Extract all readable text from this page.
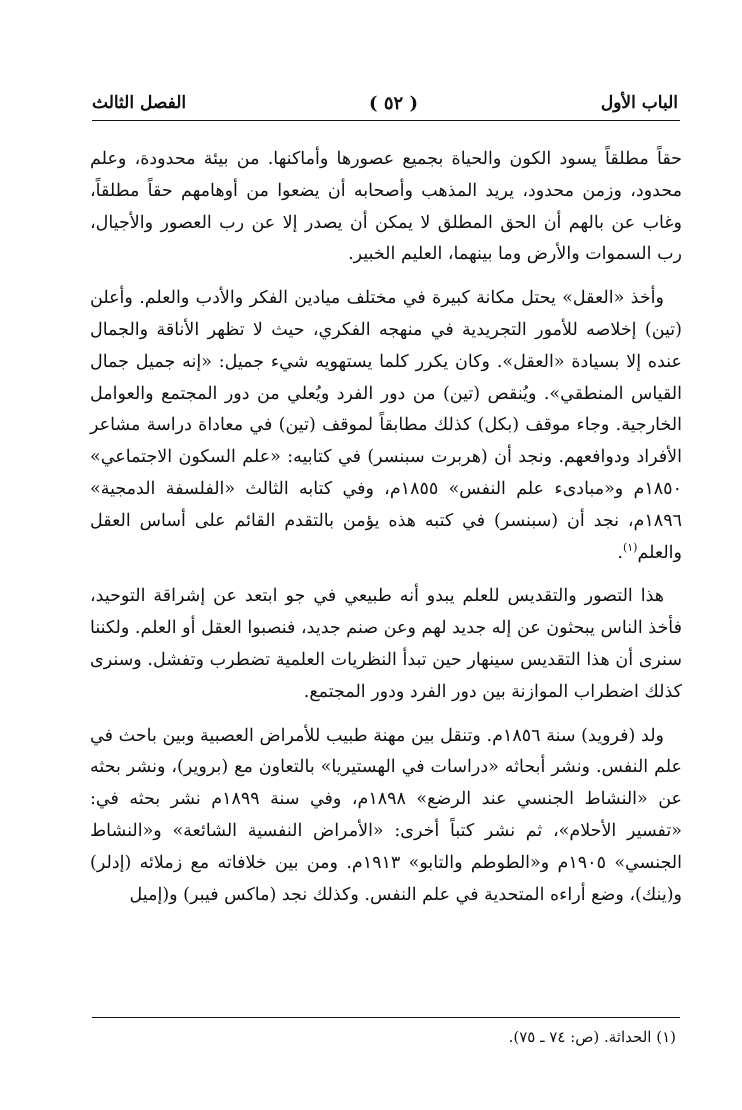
الفصل الثالث	( ٥٢ )	الباب الأول

حقاً مطلقاً يسود الكون والحياة بجميع عصورها وأماكنها. من بيئة محدودة، وعلم محدود، وزمن محدود، يريد المذهب وأصحابه أن يضعوا من أوهامهم حقاً مطلقاً، وغاب عن بالهم أن الحق المطلق لا يمكن أن يصدر إلا عن رب العصور والأجيال، رب السموات والأرض وما بينهما، العليم الخبير.

وأخذ «العقل» يحتل مكانة كبيرة في مختلف ميادين الفكر والأدب والعلم. وأعلن (تين) إخلاصه للأمور التجريدية في منهجه الفكري، حيث لا تظهر الأناقة والجمال عنده إلا بسيادة «العقل». وكان يكرر كلما يستهويه شيء جميل: «إنه جميل جمال القياس المنطقي». ويُنقص (تين) من دور الفرد ويُعلي من دور المجتمع والعوامل الخارجية. وجاء موقف (بكل) كذلك مطابقاً لموقف (تين) في معاداة دراسة مشاعر الأفراد ودوافعهم. ونجد أن (هربرت سبنسر) في كتابيه: «علم السكون الاجتماعي» ١٨٥٠م و«مبادىء علم النفس» ١٨٥٥م، وفي كتابه الثالث «الفلسفة الدمجية» ١٨٩٦م، نجد أن (سبنسر) في كتبه هذه يؤمن بالتقدم القائم على أساس العقل والعلم$^{(١)}$.

هذا التصور والتقديس للعلم يبدو أنه طبيعي في جو ابتعد عن إشراقة التوحيد، فأخذ الناس يبحثون عن إله جديد لهم وعن صنم جديد، فنصبوا العقل أو العلم. ولكننا سنرى أن هذا التقديس سينهار حين تبدأ النظريات العلمية تضطرب وتفشل. وسنرى كذلك اضطراب الموازنة بين دور الفرد ودور المجتمع.

ولد (فرويد) سنة ١٨٥٦م. وتنقل بين مهنة طبيب للأمراض العصبية وبين باحث في علم النفس. ونشر أبحاثه «دراسات في الهستيريا» بالتعاون مع (بروير)، ونشر بحثه عن «النشاط الجنسي عند الرضع» ١٨٩٨م، وفي سنة ١٨٩٩م نشر بحثه في: «تفسير الأحلام»، ثم نشر كتباً أخرى: «الأمراض النفسية الشائعة» و«النشاط الجنسي» ١٩٠٥م و«الطوطم والتابو» ١٩١٣م. ومن بين خلافاته مع زملائه (إدلر) و(ينك)، وضع أراءه المتحدية في علم النفس. وكذلك نجد (ماكس فيبر) و(إميل

(١) الحداثة. (ص: ٧٤ ـ ٧٥).
